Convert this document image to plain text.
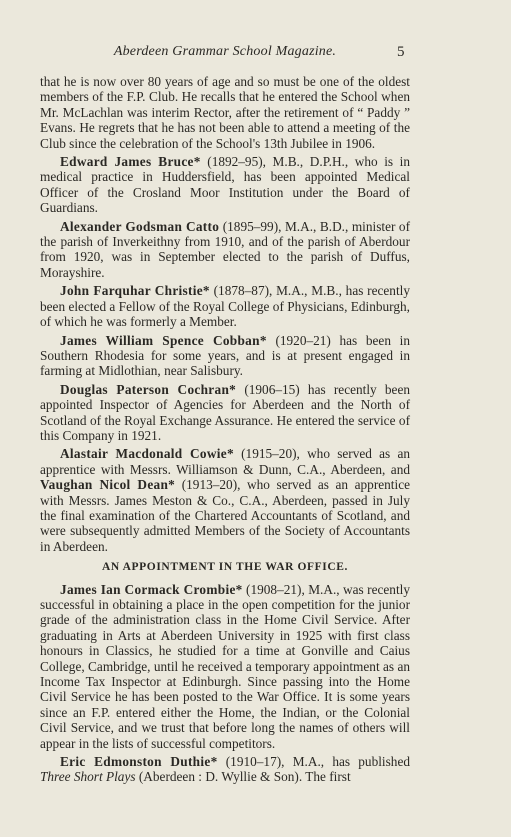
Aberdeen Grammar School Magazine.	5

that he is now over 80 years of age and so must be one of the oldest members of the F.P. Club. He recalls that he entered the School when Mr. McLachlan was interim Rector, after the retirement of “ Paddy ” Evans. He regrets that he has not been able to attend a meeting of the Club since the celebration of the School's 13th Jubilee in 1906.

Edward James Bruce* (1892–95), M.B., D.P.H., who is in medical practice in Huddersfield, has been appointed Medical Officer of the Crosland Moor Institution under the Board of Guardians.

Alexander Godsman Catto (1895–99), M.A., B.D., minister of the parish of Inverkeithny from 1910, and of the parish of Aberdour from 1920, was in September elected to the parish of Duffus, Morayshire.

John Farquhar Christie* (1878–87), M.A., M.B., has recently been elected a Fellow of the Royal College of Physicians, Edinburgh, of which he was formerly a Member.

James William Spence Cobban* (1920–21) has been in Southern Rhodesia for some years, and is at present engaged in farming at Midlothian, near Salisbury.

Douglas Paterson Cochran* (1906–15) has recently been appointed Inspector of Agencies for Aberdeen and the North of Scotland of the Royal Exchange Assurance. He entered the service of this Company in 1921.

Alastair Macdonald Cowie* (1915–20), who served as an apprentice with Messrs. Williamson & Dunn, C.A., Aberdeen, and Vaughan Nicol Dean* (1913–20), who served as an apprentice with Messrs. James Meston & Co., C.A., Aberdeen, passed in July the final examination of the Chartered Accountants of Scotland, and were subsequently admitted Members of the Society of Accountants in Aberdeen.

AN APPOINTMENT IN THE WAR OFFICE.

James Ian Cormack Crombie* (1908–21), M.A., was recently successful in obtaining a place in the open competition for the junior grade of the administration class in the Home Civil Service. After graduating in Arts at Aberdeen University in 1925 with first class honours in Classics, he studied for a time at Gonville and Caius College, Cambridge, until he received a temporary appointment as an Income Tax Inspector at Edinburgh. Since passing into the Home Civil Service he has been posted to the War Office. It is some years since an F.P. entered either the Home, the Indian, or the Colonial Civil Service, and we trust that before long the names of others will appear in the lists of successful competitors.

Eric Edmonston Duthie* (1910–17), M.A., has published Three Short Plays (Aberdeen : D. Wyllie & Son). The first
